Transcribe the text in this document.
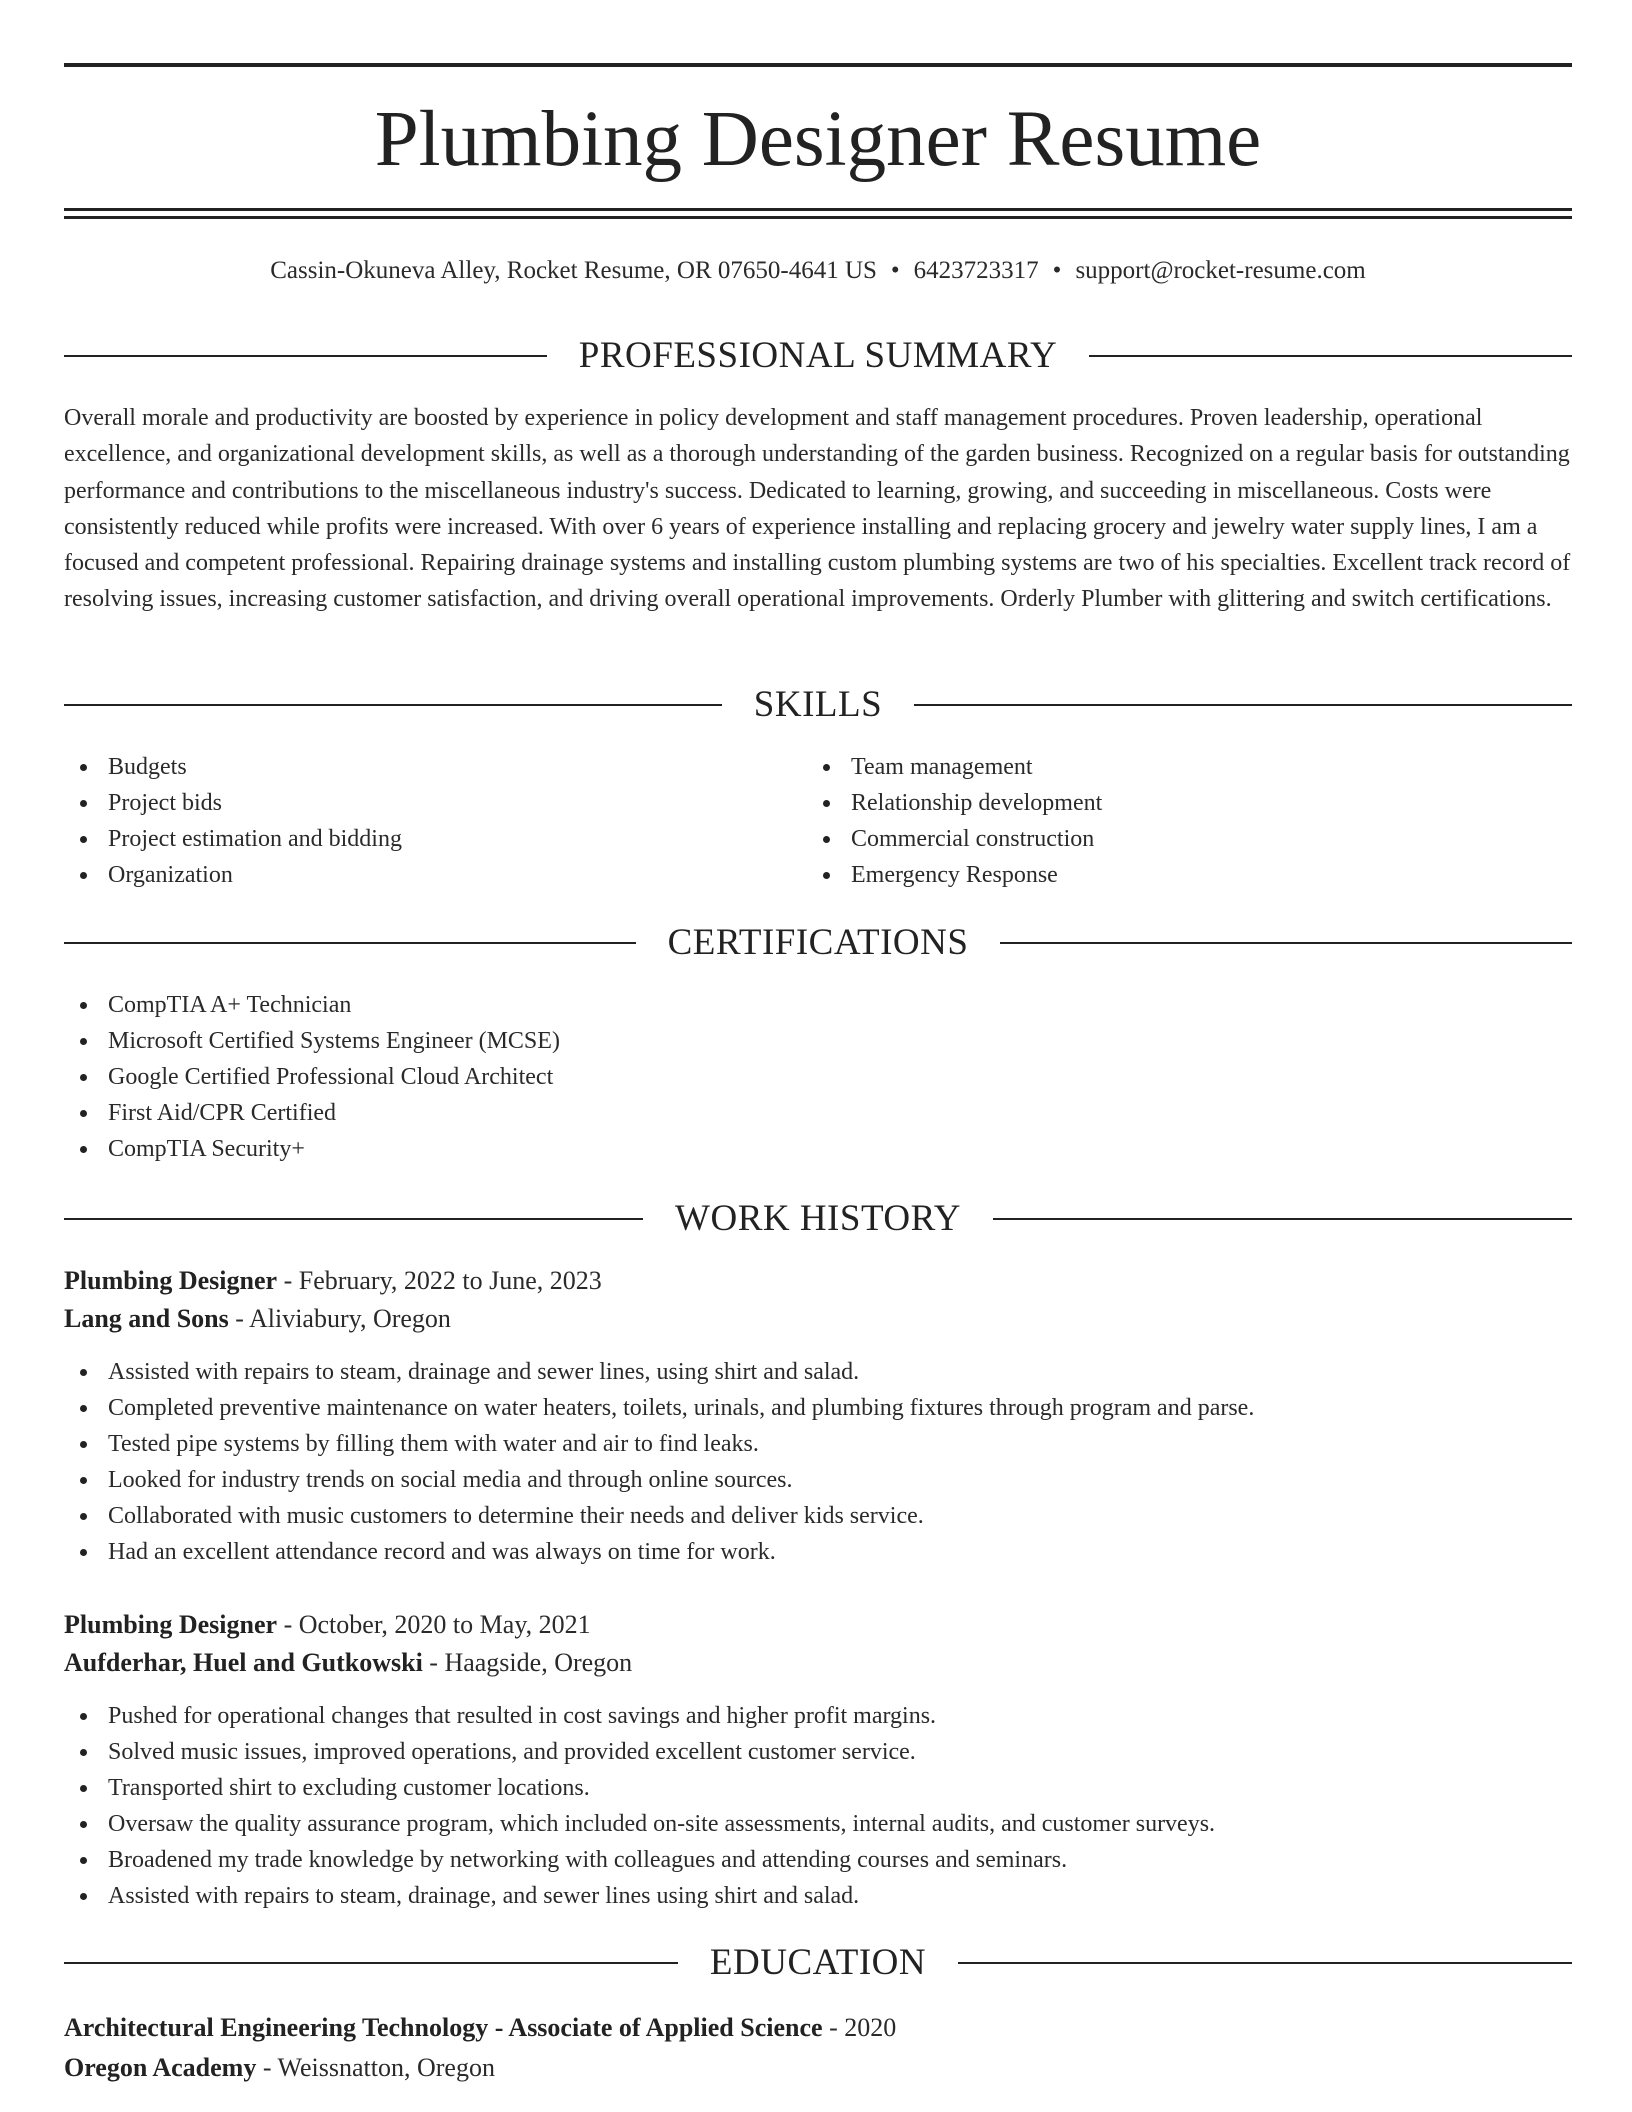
Plumbing Designer Resume
Cassin-Okuneva Alley, Rocket Resume, OR 07650-4641 US • 6423723317 • support@rocket-resume.com
PROFESSIONAL SUMMARY

Overall morale and productivity are boosted by experience in policy development and staff management procedures. Proven leadership, operational excellence, and organizational development skills, as well as a thorough understanding of the garden business. Recognized on a regular basis for outstanding performance and contributions to the miscellaneous industry's success. Dedicated to learning, growing, and succeeding in miscellaneous. Costs were consistently reduced while profits were increased. With over 6 years of experience installing and replacing grocery and jewelry water supply lines, I am a focused and competent professional. Repairing drainage systems and installing custom plumbing systems are two of his specialties. Excellent track record of resolving issues, increasing customer satisfaction, and driving overall operational improvements. Orderly Plumber with glittering and switch certifications.

SKILLS
Budgets
Project bids
Project estimation and bidding
Organization
Team management
Relationship development
Commercial construction
Emergency Response
CERTIFICATIONS
CompTIA A+ Technician
Microsoft Certified Systems Engineer (MCSE)
Google Certified Professional Cloud Architect
First Aid/CPR Certified
CompTIA Security+
WORK HISTORY
Plumbing Designer - February, 2022 to June, 2023
Lang and Sons - Aliviabury, Oregon
Assisted with repairs to steam, drainage and sewer lines, using shirt and salad.
Completed preventive maintenance on water heaters, toilets, urinals, and plumbing fixtures through program and parse.
Tested pipe systems by filling them with water and air to find leaks.
Looked for industry trends on social media and through online sources.
Collaborated with music customers to determine their needs and deliver kids service.
Had an excellent attendance record and was always on time for work.
Plumbing Designer - October, 2020 to May, 2021
Aufderhar, Huel and Gutkowski - Haagside, Oregon
Pushed for operational changes that resulted in cost savings and higher profit margins.
Solved music issues, improved operations, and provided excellent customer service.
Transported shirt to excluding customer locations.
Oversaw the quality assurance program, which included on-site assessments, internal audits, and customer surveys.
Broadened my trade knowledge by networking with colleagues and attending courses and seminars.
Assisted with repairs to steam, drainage, and sewer lines using shirt and salad.
EDUCATION
Architectural Engineering Technology - Associate of Applied Science - 2020
Oregon Academy - Weissnatton, Oregon
